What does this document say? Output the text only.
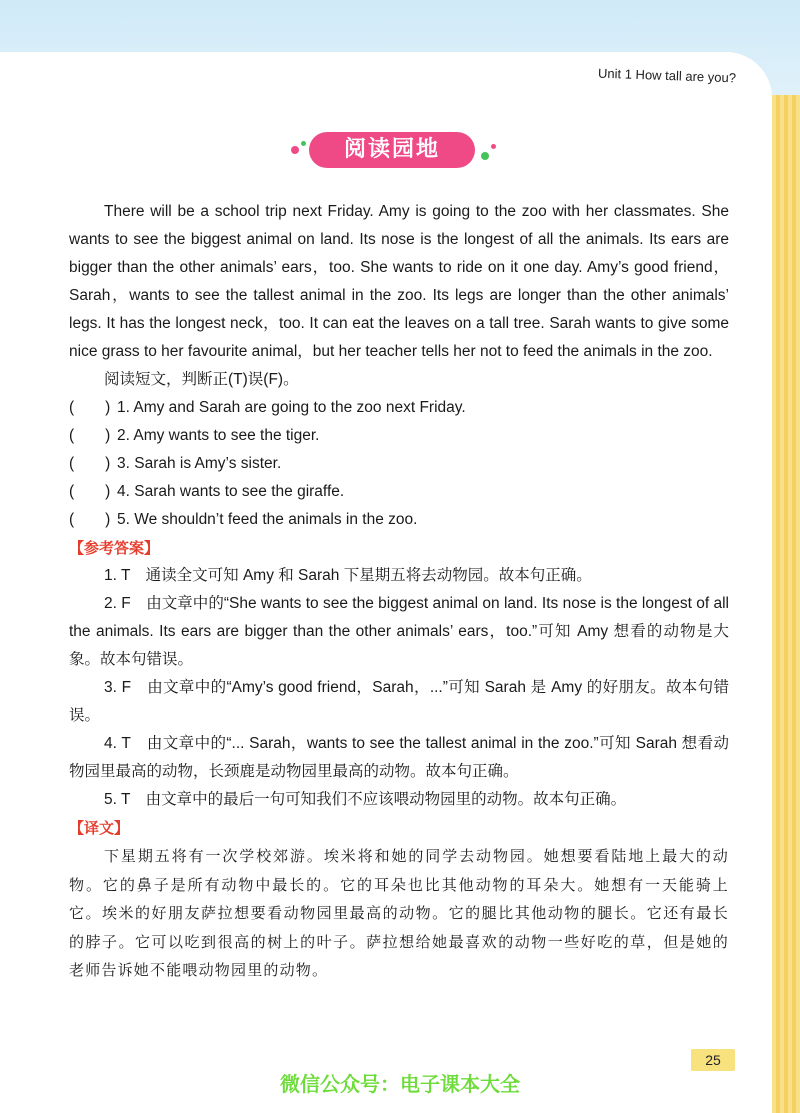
Unit 1 How tall are you?
阅读园地

There will be a school trip next Friday. Amy is going to the zoo with her classmates. She wants to see the biggest animal on land. Its nose is the longest of all the animals. Its ears are bigger than the other animals’ ears，too. She wants to ride on it one day. Amy’s good friend，Sarah，wants to see the tallest animal in the zoo. Its legs are longer than the other animals’ legs. It has the longest neck，too. It can eat the leaves on a tall tree. Sarah wants to give some nice grass to her favourite animal，but her teacher tells her not to feed the animals in the zoo.

阅读短文，判断正(T)误(F)。

(　　) 1. Amy and Sarah are going to the zoo next Friday.

(　　) 2. Amy wants to see the tiger.

(　　) 3. Sarah is Amy’s sister.

(　　) 4. Sarah wants to see the giraffe.

(　　) 5. We shouldn’t feed the animals in the zoo.

【参考答案】

1. T　通读全文可知 Amy 和 Sarah 下星期五将去动物园。故本句正确。

2. F　由文章中的“She wants to see the biggest animal on land. Its nose is the longest of all the animals. Its ears are bigger than the other animals’ ears，too.”可知 Amy 想看的动物是大象。故本句错误。

3. F　由文章中的“Amy’s good friend，Sarah，...”可知 Sarah 是 Amy 的好朋友。故本句错误。

4. T　由文章中的“... Sarah，wants to see the tallest animal in the zoo.”可知 Sarah 想看动物园里最高的动物，长颈鹿是动物园里最高的动物。故本句正确。

5. T　由文章中的最后一句可知我们不应该喂动物园里的动物。故本句正确。

【译文】

下星期五将有一次学校郊游。埃米将和她的同学去动物园。她想要看陆地上最大的动物。它的鼻子是所有动物中最长的。它的耳朵也比其他动物的耳朵大。她想有一天能骑上它。埃米的好朋友萨拉想要看动物园里最高的动物。它的腿比其他动物的腿长。它还有最长的脖子。它可以吃到很高的树上的叶子。萨拉想给她最喜欢的动物一些好吃的草，但是她的老师告诉她不能喂动物园里的动物。

25
微信公众号：电子课本大全
